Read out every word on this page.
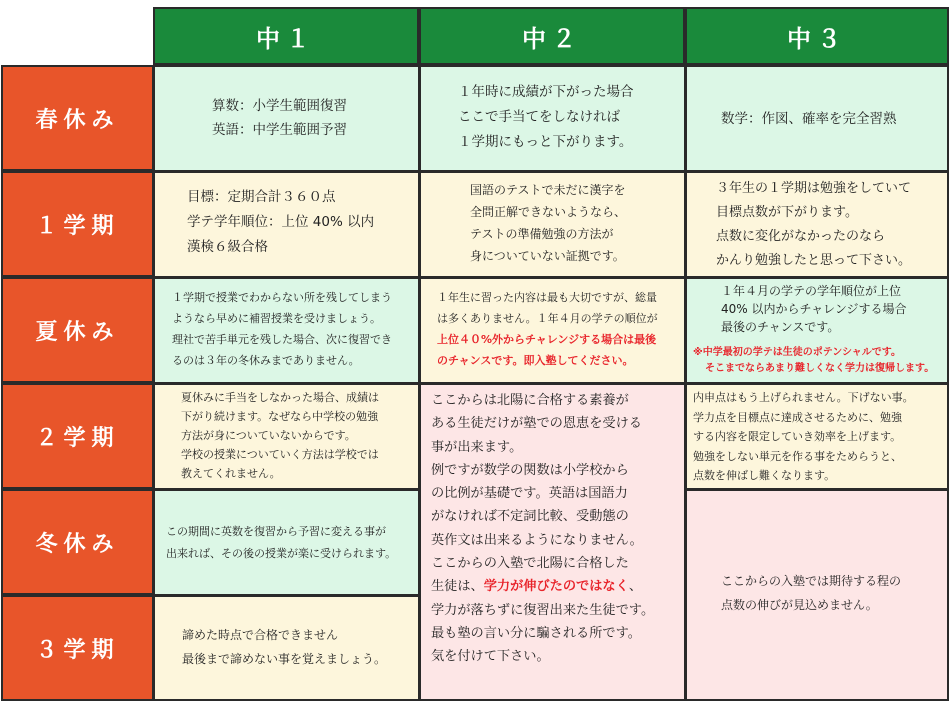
中１	中２	中３
春休み
１学期
夏休み
２学期
冬休み
３学期

算数：小学生範囲復習

英語：中学生範囲予習

１年時に成績が下がった場合

ここで手当てをしなければ

１学期にもっと下がります。

数学：作図、確率を完全習熟

目標：定期合計３６０点

学テ学年順位：上位 40% 以内

漢検６級合格

国語のテストで未だに漢字を

全問正解できないようなら、

テストの準備勉強の方法が

身についていない証拠です。

３年生の１学期は勉強をしていて

目標点数が下がります。

点数に変化がなかったのなら

かんり勉強したと思って下さい。

１学期で授業でわからない所を残してしまう

ようなら早めに補習授業を受けましょう。

理社で苦手単元を残した場合、次に復習でき

るのは３年の冬休みまでありません。

１年生に習った内容は最も大切ですが、総量

は多くありません。１年４月の学テの順位が

上位４０%外からチャレンジする場合は最後

のチャンスです。即入塾してください。

１年４月の学テの学年順位が上位

40% 以内からチャレンジする場合

最後のチャンスです。

※中学最初の学テは生徒のポテンシャルです。

そこまでならあまり難しくなく学力は復帰します。

夏休みに手当をしなかった場合、成績は

下がり続けます。なぜなら中学校の勉強

方法が身についていないからです。

学校の授業についていく方法は学校では

教えてくれません。

内申点はもう上げられません。下げない事。

学力点を目標点に達成させるために、勉強

する内容を限定していき効率を上げます。

勉強をしない単元を作る事をためらうと、

点数を伸ばし難くなります。

ここからは北陽に合格する素養が

ある生徒だけが塾での恩恵を受ける

事が出来ます。

例ですが数学の関数は小学校から

の比例が基礎です。英語は国語力

がなければ不定詞比較、受動態の

英作文は出来るようになりません。

ここからの入塾で北陽に合格した

生徒は、学力が伸びたのではなく、

学力が落ちずに復習出来た生徒です。

最も塾の言い分に騙される所です。

気を付けて下さい。

この期間に英数を復習から予習に変える事が

出来れば、その後の授業が楽に受けられます。

ここからの入塾では期待する程の

点数の伸びが見込めません。

諦めた時点で合格できません

最後まで諦めない事を覚えましょう。
